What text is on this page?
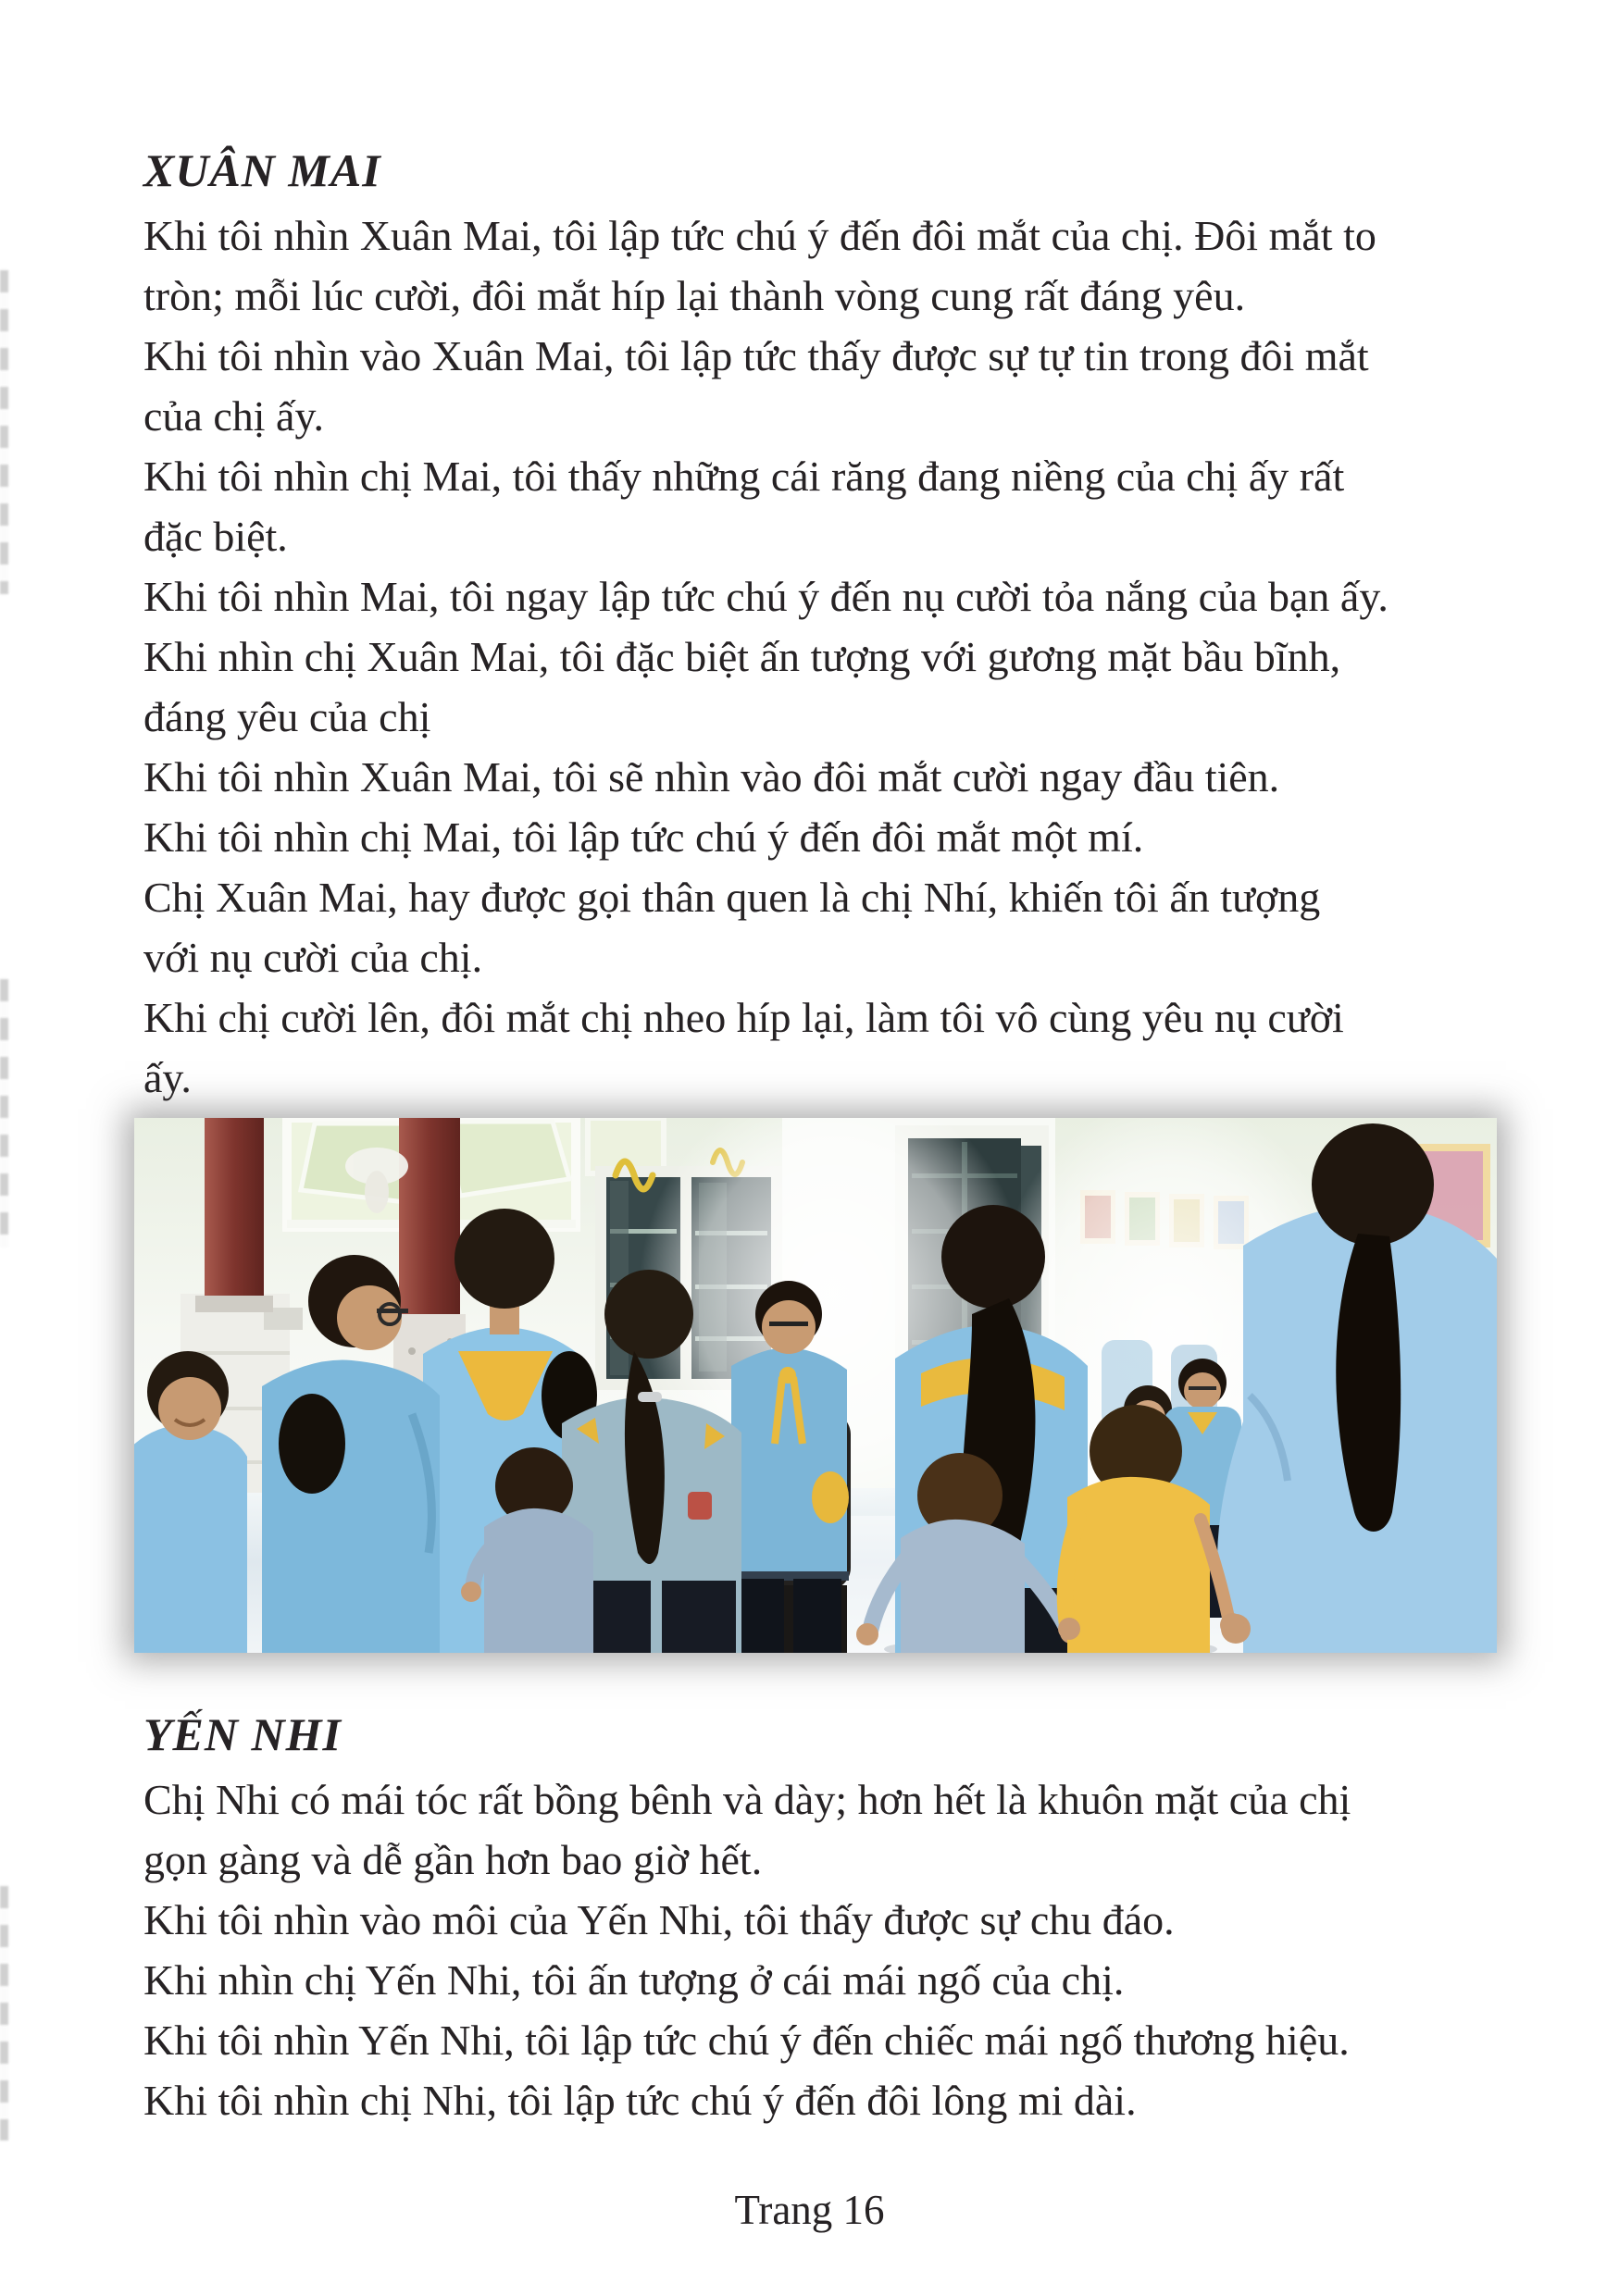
XUÂN MAI
Khi tôi nhìn Xuân Mai, tôi lập tức chú ý đến đôi mắt của chị. Đôi mắt to
tròn; mỗi lúc cười, đôi mắt híp lại thành vòng cung rất đáng yêu.
Khi tôi nhìn vào Xuân Mai, tôi lập tức thấy được sự tự tin trong đôi mắt
của chị ấy.
Khi tôi nhìn chị Mai, tôi thấy những cái răng đang niềng của chị ấy rất
đặc biệt.
Khi tôi nhìn Mai, tôi ngay lập tức chú ý đến nụ cười tỏa nắng của bạn ấy.
Khi nhìn chị Xuân Mai, tôi đặc biệt ấn tượng với gương mặt bầu bĩnh,
đáng yêu của chị
Khi tôi nhìn Xuân Mai, tôi sẽ nhìn vào đôi mắt cười ngay đầu tiên.
Khi tôi nhìn chị Mai, tôi lập tức chú ý đến đôi mắt một mí.
Chị Xuân Mai, hay được gọi thân quen là chị Nhí, khiến tôi ấn tượng
với nụ cười của chị.
Khi chị cười lên, đôi mắt chị nheo híp lại, làm tôi vô cùng yêu nụ cười
ấy.
YẾN NHI
Chị Nhi có mái tóc rất bồng bênh và dày; hơn hết là khuôn mặt của chị
gọn gàng và dễ gần hơn bao giờ hết.
Khi tôi nhìn vào môi của Yến Nhi, tôi thấy được sự chu đáo.
Khi nhìn chị Yến Nhi, tôi ấn tượng ở cái mái ngố của chị.
Khi tôi nhìn Yến Nhi, tôi lập tức chú ý đến chiếc mái ngố thương hiệu.
Khi tôi nhìn chị Nhi, tôi lập tức chú ý đến đôi lông mi dài.
Trang 16
